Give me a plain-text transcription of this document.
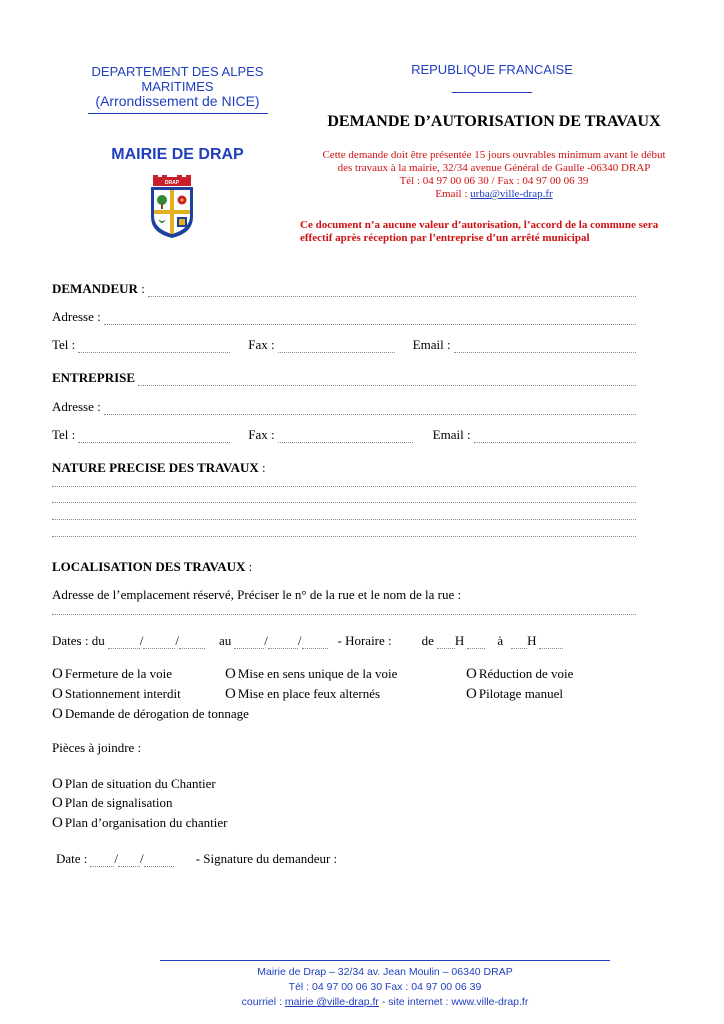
DEPARTEMENT DES ALPES
MARITIMES
(Arrondissement de NICE)
MAIRIE DE DRAP
DRAP
REPUBLIQUE FRANCAISE
DEMANDE D’AUTORISATION DE TRAVAUX
Cette demande doit être présentée 15 jours ouvrables minimum avant le début
des travaux à la mairie, 32/34 avenue Général de Gaulle -06340 DRAP
Tél : 04 97 00 06 30 / Fax : 04 97 00 06 39
Email : urba@ville-drap.fr
Ce document n’a aucune valeur d’autorisation, l’accord de la commune sera
effectif après réception par l’entreprise d’un arrêté municipal
DEMANDEUR :
Adresse :
Tel :	Fax :	Email :
ENTREPRISE
Adresse :
Tel :	Fax :	Email :
NATURE PRECISE DES TRAVAUX :
LOCALISATION DES TRAVAUX :
Adresse de l’emplacement réservé, Préciser le n° de la rue et le nom de la rue :
Dates : du	/ /	au	/ /	- Horaire : de H	à H
O Fermeture de la voie	O Mise en sens unique de la voie	O Réduction de voie
O Stationnement interdit	O Mise en place feux alternés	O Pilotage manuel
O Demande de dérogation de tonnage
Pièces à joindre :
O Plan de situation du Chantier
O Plan de signalisation
O Plan d’organisation du chantier
Date : / /	- Signature du demandeur :
Mairie de Drap – 32/34 av. Jean Moulin – 06340 DRAP
Tél : 04 97 00 06 30 Fax : 04 97 00 06 39
courriel : mairie @ville-drap.fr - site internet : www.ville-drap.fr
